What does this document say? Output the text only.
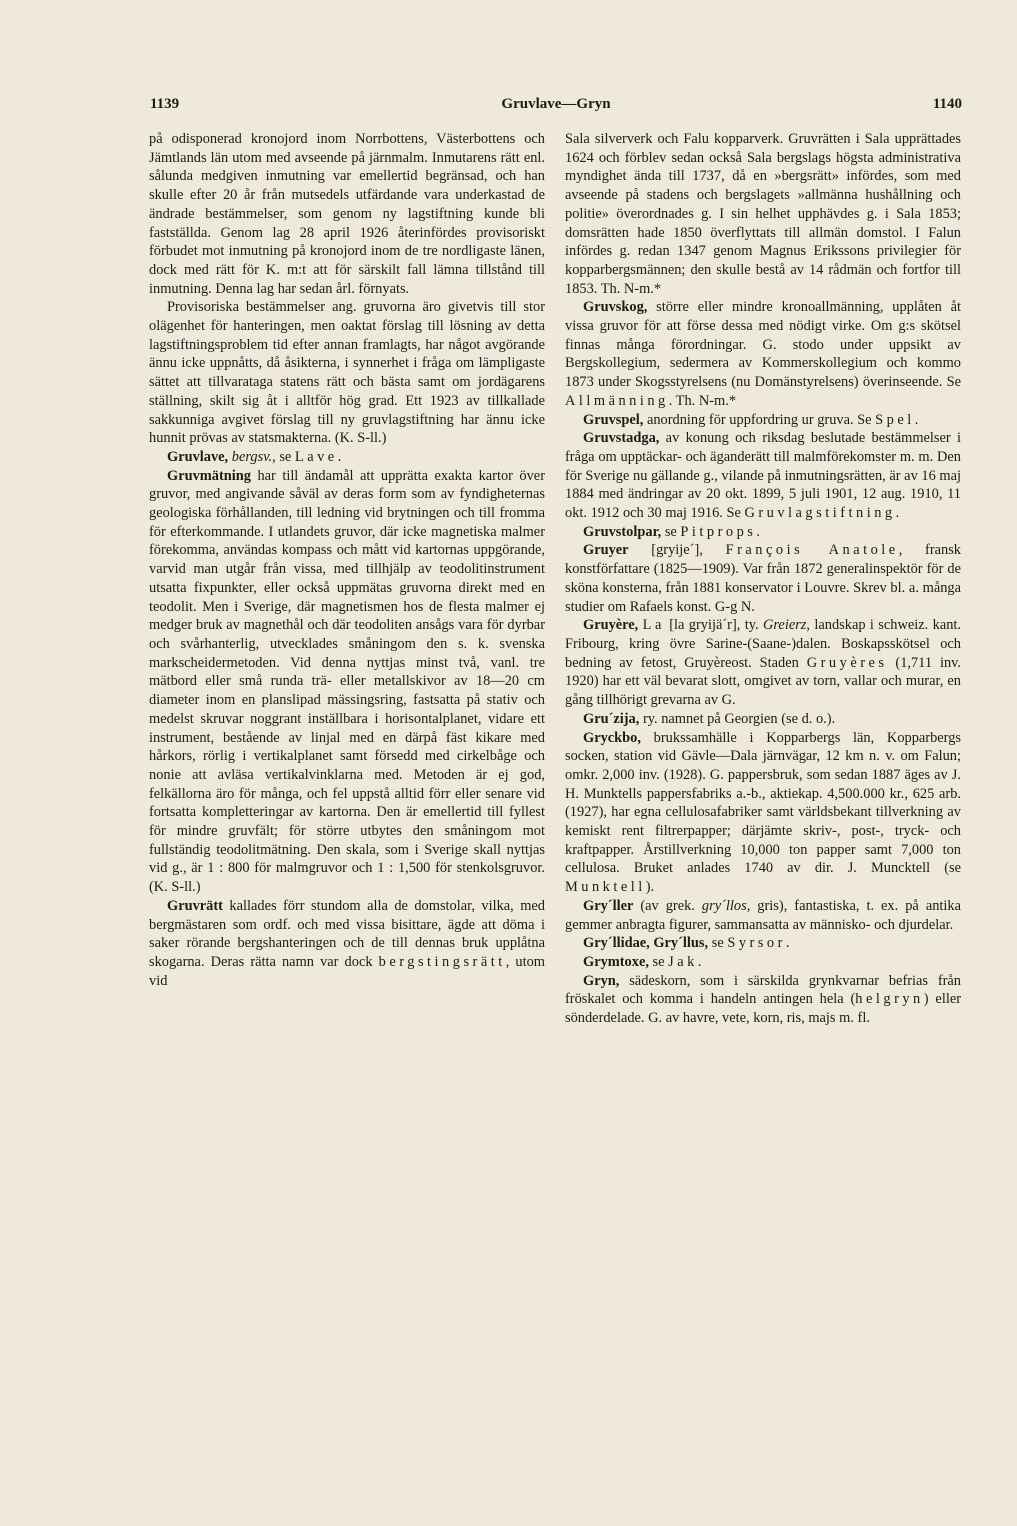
1139	Gruvlave—Gryn	1140

på odisponerad kronojord inom Norrbottens, Västerbottens och Jämtlands län utom med avseende på järnmalm. Inmutarens rätt enl. sålunda medgiven inmutning var emellertid begränsad, och han skulle efter 20 år från mutsedels utfärdande vara underkastad de ändrade bestämmelser, som genom ny lagstiftning kunde bli fastställda. Genom lag 28 april 1926 återinfördes provisoriskt förbudet mot inmutning på kronojord inom de tre nordligaste länen, dock med rätt för K. m:t att för särskilt fall lämna tillstånd till inmutning. Denna lag har sedan årl. förnyats.

Provisoriska bestämmelser ang. gruvorna äro givetvis till stor olägenhet för hanteringen, men oaktat förslag till lösning av detta lagstiftningsproblem tid efter annan framlagts, har något avgörande ännu icke uppnåtts, då åsikterna, i synnerhet i fråga om lämpligaste sättet att tillvaratagа statens rätt och bästa samt om jordägarens ställning, skilt sig åt i alltför hög grad. Ett 1923 av tillkallade sakkunniga avgivet förslag till ny gruvlagstiftning har ännu icke hunnit prövas av statsmakterna. (K. S-ll.)

Gruvlave, bergsv., se Lave.

Gruvmätning har till ändamål att upprätta exakta kartor över gruvor, med angivande såväl av deras form som av fyndigheternas geologiska förhållanden, till ledning vid brytningen och till fromma för efterkommande. I utlandets gruvor, där icke magnetiska malmer förekomma, användas kompass och mått vid kartornas uppgörande, varvid man utgår från vissa, med tillhjälp av teodolitinstrument utsatta fixpunkter, eller också uppmätas gruvorna direkt med en teodolit. Men i Sverige, där magnetismen hos de flesta malmer ej medger bruk av magnethål och där teodoliten ansågs vara för dyrbar och svårhanterlig, utvecklades småningom den s. k. svenska markscheidermetoden. Vid denna nyttjas minst två, vanl. tre mätbord eller små runda trä- eller metallskivor av 18—20 cm diameter inom en planslipad mässingsring, fastsatta på stativ och medelst skruvar noggrant inställbara i horisontalplanet, vidare ett instrument, bestående av linjal med en därpå fäst kikare med hårkors, rörlig i vertikalplanet samt försedd med cirkelbåge och nonie att avläsa vertikalvinklarna med. Metoden är ej god, felkällorna äro för många, och fel uppstå alltid förr eller senare vid fortsatta kompletteringar av kartorna. Den är emellertid till fyllest för mindre gruvfält; för större utbytes den småningom mot fullständig teodolitmätning. Den skala, som i Sverige skall nyttjas vid g., är 1 : 800 för malmgruvor och 1 : 1,500 för stenkolsgruvor. (K. S-ll.)

Gruvrätt kallades förr stundom alla de domstolar, vilka, med bergmästaren som ordf. och med vissa bisittare, ägde att döma i saker rörande bergshanteringen och de till dennas bruk upplåtna skogarna. Deras rätta namn var dock bergstingsrätt, utom vid

Sala silververk och Falu kopparverk. Gruvrätten i Sala upprättades 1624 och förblev sedan också Sala bergslags högsta administrativa myndighet ända till 1737, då en »bergsrätt» infördes, som med avseende på stadens och bergslagets »allmänna hushållning och politie» överordnades g. I sin helhet upphävdes g. i Sala 1853; domsrätten hade 1850 överflyttats till allmän domstol. I Falun infördes g. redan 1347 genom Magnus Erikssons privilegier för kopparbergsmännen; den skulle bestå av 14 rådmän och fortfor till 1853. Th. N-m.*

Gruvskog, större eller mindre kronoallmänning, upplåten åt vissa gruvor för att förse dessa med nödigt virke. Om g:s skötsel finnas många förordningar. G. stodo under uppsikt av Bergskollegium, sedermera av Kommerskollegium och kommo 1873 under Skogsstyrelsens (nu Domänstyrelsens) överinseende. Se Allmänning. Th. N-m.*

Gruvspel, anordning för uppfordring ur gruva. Se Spel.

Gruvstadga, av konung och riksdag beslutade bestämmelser i fråga om upptäckar- och äganderätt till malmförekomster m. m. Den för Sverige nu gällande g., vilande på inmutningsrätten, är av 16 maj 1884 med ändringar av 20 okt. 1899, 5 juli 1901, 12 aug. 1910, 11 okt. 1912 och 30 maj 1916. Se Gruvlagstiftning.

Gruvstolpar, se Pitprops.

Gruyer [gryije´], François Anatole, fransk konstförfattare (1825—1909). Var från 1872 generalinspektör för de sköna konsterna, från 1881 konservator i Louvre. Skrev bl. a. många studier om Rafaels konst. G-g N.

Gruyère, La [la gryijä´r], ty. Greierz, landskap i schweiz. kant. Fribourg, kring övre Sarine-(Saane-)dalen. Boskapsskötsel och bedning av fetost, Gruyèreost. Staden Gruyères (1,711 inv. 1920) har ett väl bevarat slott, omgivet av torn, vallar och murar, en gång tillhörigt grevarna av G.

Gru´zija, ry. namnet på Georgien (se d. o.).

Gryckbo, brukssamhälle i Kopparbergs län, Kopparbergs socken, station vid Gävle—Dala järnvägar, 12 km n. v. om Falun; omkr. 2,000 inv. (1928). G. pappersbruk, som sedan 1887 äges av J. H. Munktells pappersfabriks a.-b., aktiekap. 4,500.000 kr., 625 arb. (1927), har egna cellulosafabriker samt världsbekant tillverkning av kemiskt rent filtrerpapper; därjämte skriv-, post-, tryck- och kraftpapper. Årstillverkning 10,000 ton papper samt 7,000 ton cellulosa. Bruket anlades 1740 av dir. J. Munсktell (se Munktell).

Gry´ller (av grek. gry´llos, gris), fantastiska, t. ex. på antika gemmer anbragta figurer, sammansatta av människo- och djurdelar.

Gry´llidae, Gry´llus, se Syrsor.

Grymtoxe, se Jak.

Gryn, sädeskorn, som i särskilda grynkvarnar befrias från fröskalet och komma i handeln antingen hela (helgryn) eller sönderdelade. G. av havre, vete, korn, ris, majs m. fl.
